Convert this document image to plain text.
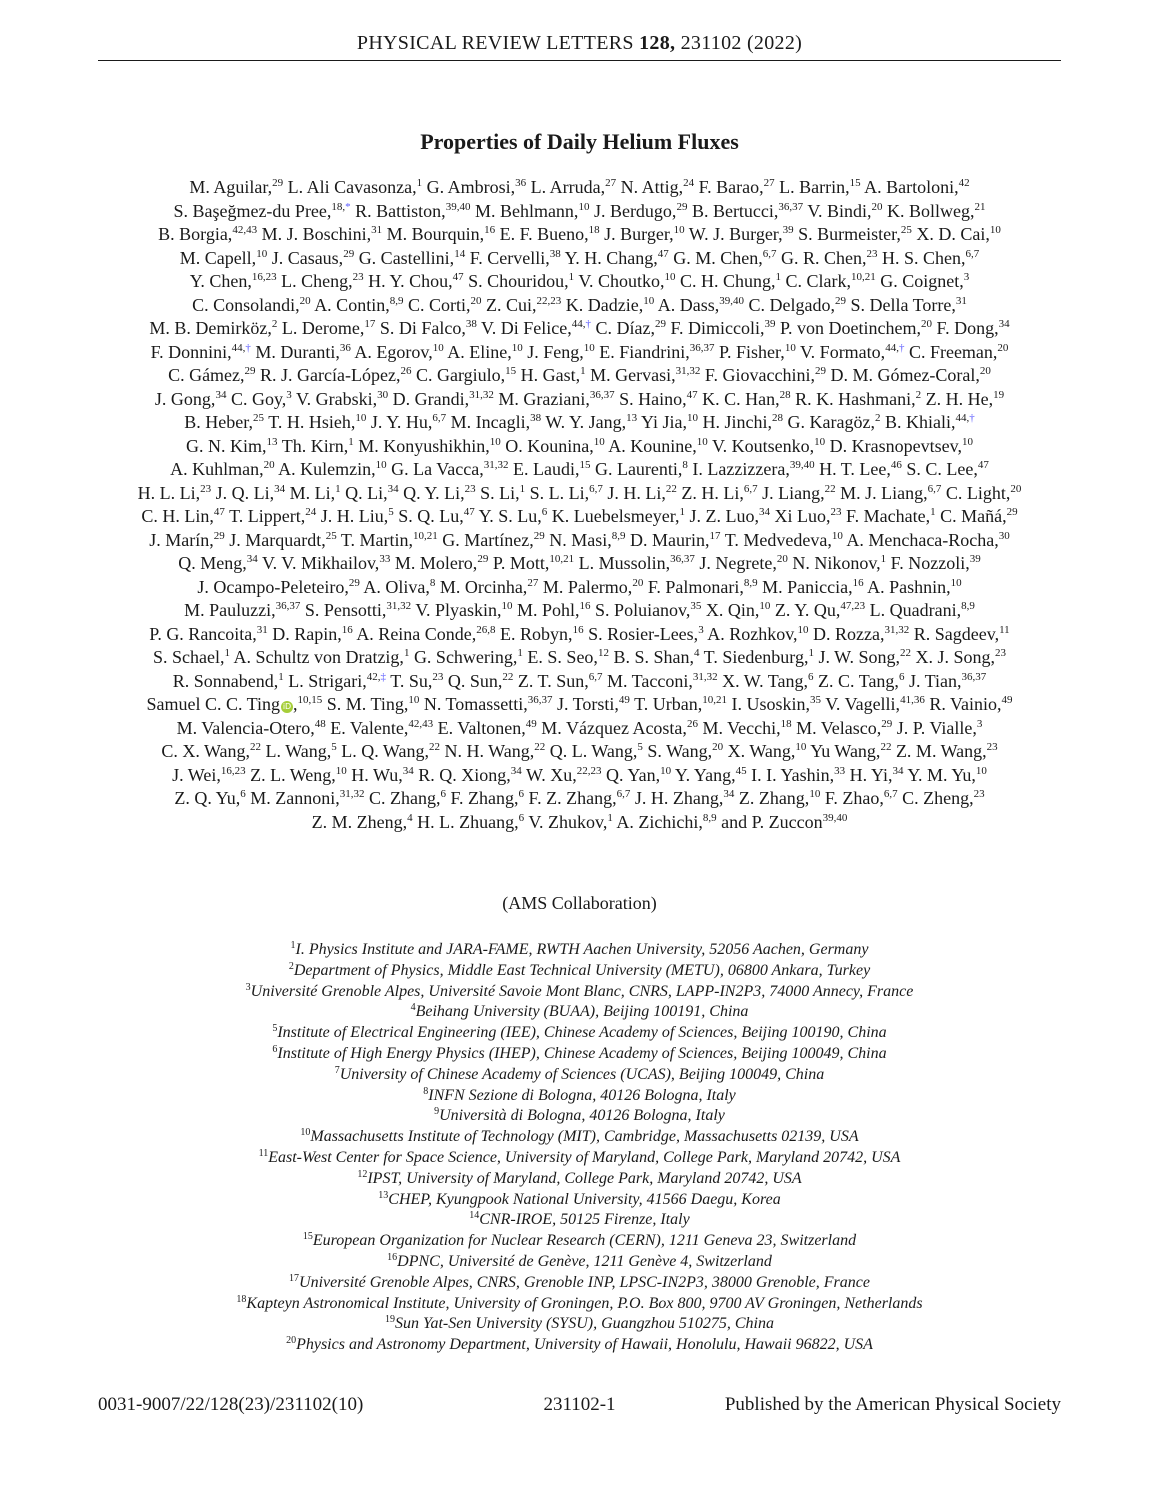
PHYSICAL REVIEW LETTERS 128, 231102 (2022)
Properties of Daily Helium Fluxes
M. Aguilar,$^{29}$ L. Ali Cavasonza,$^1$ G. Ambrosi,$^{36}$ L. Arruda,$^{27}$ N. Attig,$^{24}$ F. Barao,$^{27}$ L. Barrin,$^{15}$ A. Bartoloni,$^{42}$
S. Başeğmez-du Pree,$^{18,*}$ R. Battiston,$^{39,40}$ M. Behlmann,$^{10}$ J. Berdugo,$^{29}$ B. Bertucci,$^{36,37}$ V. Bindi,$^{20}$ K. Bollweg,$^{21}$
B. Borgia,$^{42,43}$ M. J. Boschini,$^{31}$ M. Bourquin,$^{16}$ E. F. Bueno,$^{18}$ J. Burger,$^{10}$ W. J. Burger,$^{39}$ S. Burmeister,$^{25}$ X. D. Cai,$^{10}$
M. Capell,$^{10}$ J. Casaus,$^{29}$ G. Castellini,$^{14}$ F. Cervelli,$^{38}$ Y. H. Chang,$^{47}$ G. M. Chen,$^{6,7}$ G. R. Chen,$^{23}$ H. S. Chen,$^{6,7}$
Y. Chen,$^{16,23}$ L. Cheng,$^{23}$ H. Y. Chou,$^{47}$ S. Chouridou,$^1$ V. Choutko,$^{10}$ C. H. Chung,$^1$ C. Clark,$^{10,21}$ G. Coignet,$^3$
C. Consolandi,$^{20}$ A. Contin,$^{8,9}$ C. Corti,$^{20}$ Z. Cui,$^{22,23}$ K. Dadzie,$^{10}$ A. Dass,$^{39,40}$ C. Delgado,$^{29}$ S. Della Torre,$^{31}$
M. B. Demirköz,$^2$ L. Derome,$^{17}$ S. Di Falco,$^{38}$ V. Di Felice,$^{44,\dagger}$ C. Díaz,$^{29}$ F. Dimiccoli,$^{39}$ P. von Doetinchem,$^{20}$ F. Dong,$^{34}$
F. Donnini,$^{44,\dagger}$ M. Duranti,$^{36}$ A. Egorov,$^{10}$ A. Eline,$^{10}$ J. Feng,$^{10}$ E. Fiandrini,$^{36,37}$ P. Fisher,$^{10}$ V. Formato,$^{44,\dagger}$ C. Freeman,$^{20}$
C. Gámez,$^{29}$ R. J. García-López,$^{26}$ C. Gargiulo,$^{15}$ H. Gast,$^1$ M. Gervasi,$^{31,32}$ F. Giovacchini,$^{29}$ D. M. Gómez-Coral,$^{20}$
J. Gong,$^{34}$ C. Goy,$^3$ V. Grabski,$^{30}$ D. Grandi,$^{31,32}$ M. Graziani,$^{36,37}$ S. Haino,$^{47}$ K. C. Han,$^{28}$ R. K. Hashmani,$^2$ Z. H. He,$^{19}$
B. Heber,$^{25}$ T. H. Hsieh,$^{10}$ J. Y. Hu,$^{6,7}$ M. Incagli,$^{38}$ W. Y. Jang,$^{13}$ Yi Jia,$^{10}$ H. Jinchi,$^{28}$ G. Karagöz,$^2$ B. Khiali,$^{44,\dagger}$
G. N. Kim,$^{13}$ Th. Kirn,$^1$ M. Konyushikhin,$^{10}$ O. Kounina,$^{10}$ A. Kounine,$^{10}$ V. Koutsenko,$^{10}$ D. Krasnopevtsev,$^{10}$
A. Kuhlman,$^{20}$ A. Kulemzin,$^{10}$ G. La Vacca,$^{31,32}$ E. Laudi,$^{15}$ G. Laurenti,$^8$ I. Lazzizzera,$^{39,40}$ H. T. Lee,$^{46}$ S. C. Lee,$^{47}$
H. L. Li,$^{23}$ J. Q. Li,$^{34}$ M. Li,$^1$ Q. Li,$^{34}$ Q. Y. Li,$^{23}$ S. Li,$^1$ S. L. Li,$^{6,7}$ J. H. Li,$^{22}$ Z. H. Li,$^{6,7}$ J. Liang,$^{22}$ M. J. Liang,$^{6,7}$ C. Light,$^{20}$
C. H. Lin,$^{47}$ T. Lippert,$^{24}$ J. H. Liu,$^5$ S. Q. Lu,$^{47}$ Y. S. Lu,$^6$ K. Luebelsmeyer,$^1$ J. Z. Luo,$^{34}$ Xi Luo,$^{23}$ F. Machate,$^1$ C. Mañá,$^{29}$
J. Marín,$^{29}$ J. Marquardt,$^{25}$ T. Martin,$^{10,21}$ G. Martínez,$^{29}$ N. Masi,$^{8,9}$ D. Maurin,$^{17}$ T. Medvedeva,$^{10}$ A. Menchaca-Rocha,$^{30}$
Q. Meng,$^{34}$ V. V. Mikhailov,$^{33}$ M. Molero,$^{29}$ P. Mott,$^{10,21}$ L. Mussolin,$^{36,37}$ J. Negrete,$^{20}$ N. Nikonov,$^1$ F. Nozzoli,$^{39}$
J. Ocampo-Peleteiro,$^{29}$ A. Oliva,$^8$ M. Orcinha,$^{27}$ M. Palermo,$^{20}$ F. Palmonari,$^{8,9}$ M. Paniccia,$^{16}$ A. Pashnin,$^{10}$
M. Pauluzzi,$^{36,37}$ S. Pensotti,$^{31,32}$ V. Plyaskin,$^{10}$ M. Pohl,$^{16}$ S. Poluianov,$^{35}$ X. Qin,$^{10}$ Z. Y. Qu,$^{47,23}$ L. Quadrani,$^{8,9}$
P. G. Rancoita,$^{31}$ D. Rapin,$^{16}$ A. Reina Conde,$^{26,8}$ E. Robyn,$^{16}$ S. Rosier-Lees,$^3$ A. Rozhkov,$^{10}$ D. Rozza,$^{31,32}$ R. Sagdeev,$^{11}$
S. Schael,$^1$ A. Schultz von Dratzig,$^1$ G. Schwering,$^1$ E. S. Seo,$^{12}$ B. S. Shan,$^4$ T. Siedenburg,$^1$ J. W. Song,$^{22}$ X. J. Song,$^{23}$
R. Sonnabend,$^1$ L. Strigari,$^{42,\ddagger}$ T. Su,$^{23}$ Q. Sun,$^{22}$ Z. T. Sun,$^{6,7}$ M. Tacconi,$^{31,32}$ X. W. Tang,$^6$ Z. C. Tang,$^6$ J. Tian,$^{36,37}$
Samuel C. C. Ting iD ,$^{10,15}$ S. M. Ting,$^{10}$ N. Tomassetti,$^{36,37}$ J. Torsti,$^{49}$ T. Urban,$^{10,21}$ I. Usoskin,$^{35}$ V. Vagelli,$^{41,36}$ R. Vainio,$^{49}$
M. Valencia-Otero,$^{48}$ E. Valente,$^{42,43}$ E. Valtonen,$^{49}$ M. Vázquez Acosta,$^{26}$ M. Vecchi,$^{18}$ M. Velasco,$^{29}$ J. P. Vialle,$^3$
C. X. Wang,$^{22}$ L. Wang,$^5$ L. Q. Wang,$^{22}$ N. H. Wang,$^{22}$ Q. L. Wang,$^5$ S. Wang,$^{20}$ X. Wang,$^{10}$ Yu Wang,$^{22}$ Z. M. Wang,$^{23}$
J. Wei,$^{16,23}$ Z. L. Weng,$^{10}$ H. Wu,$^{34}$ R. Q. Xiong,$^{34}$ W. Xu,$^{22,23}$ Q. Yan,$^{10}$ Y. Yang,$^{45}$ I. I. Yashin,$^{33}$ H. Yi,$^{34}$ Y. M. Yu,$^{10}$
Z. Q. Yu,$^6$ M. Zannoni,$^{31,32}$ C. Zhang,$^6$ F. Zhang,$^6$ F. Z. Zhang,$^{6,7}$ J. H. Zhang,$^{34}$ Z. Zhang,$^{10}$ F. Zhao,$^{6,7}$ C. Zheng,$^{23}$
Z. M. Zheng,$^4$ H. L. Zhuang,$^6$ V. Zhukov,$^1$ A. Zichichi,$^{8,9}$ and P. Zuccon$^{39,40}$
(AMS Collaboration)
$^1$I. Physics Institute and JARA-FAME, RWTH Aachen University, 52056 Aachen, Germany
$^2$Department of Physics, Middle East Technical University (METU), 06800 Ankara, Turkey
$^3$Université Grenoble Alpes, Université Savoie Mont Blanc, CNRS, LAPP-IN2P3, 74000 Annecy, France
$^4$Beihang University (BUAA), Beijing 100191, China
$^5$Institute of Electrical Engineering (IEE), Chinese Academy of Sciences, Beijing 100190, China
$^6$Institute of High Energy Physics (IHEP), Chinese Academy of Sciences, Beijing 100049, China
$^7$University of Chinese Academy of Sciences (UCAS), Beijing 100049, China
$^8$INFN Sezione di Bologna, 40126 Bologna, Italy
$^9$Università di Bologna, 40126 Bologna, Italy
$^{10}$Massachusetts Institute of Technology (MIT), Cambridge, Massachusetts 02139, USA
$^{11}$East-West Center for Space Science, University of Maryland, College Park, Maryland 20742, USA
$^{12}$IPST, University of Maryland, College Park, Maryland 20742, USA
$^{13}$CHEP, Kyungpook National University, 41566 Daegu, Korea
$^{14}$CNR-IROE, 50125 Firenze, Italy
$^{15}$European Organization for Nuclear Research (CERN), 1211 Geneva 23, Switzerland
$^{16}$DPNC, Université de Genève, 1211 Genève 4, Switzerland
$^{17}$Université Grenoble Alpes, CNRS, Grenoble INP, LPSC-IN2P3, 38000 Grenoble, France
$^{18}$Kapteyn Astronomical Institute, University of Groningen, P.O. Box 800, 9700 AV Groningen, Netherlands
$^{19}$Sun Yat-Sen University (SYSU), Guangzhou 510275, China
$^{20}$Physics and Astronomy Department, University of Hawaii, Honolulu, Hawaii 96822, USA
0031-9007/22/128(23)/231102(10)	231102-1	Published by the American Physical Society
